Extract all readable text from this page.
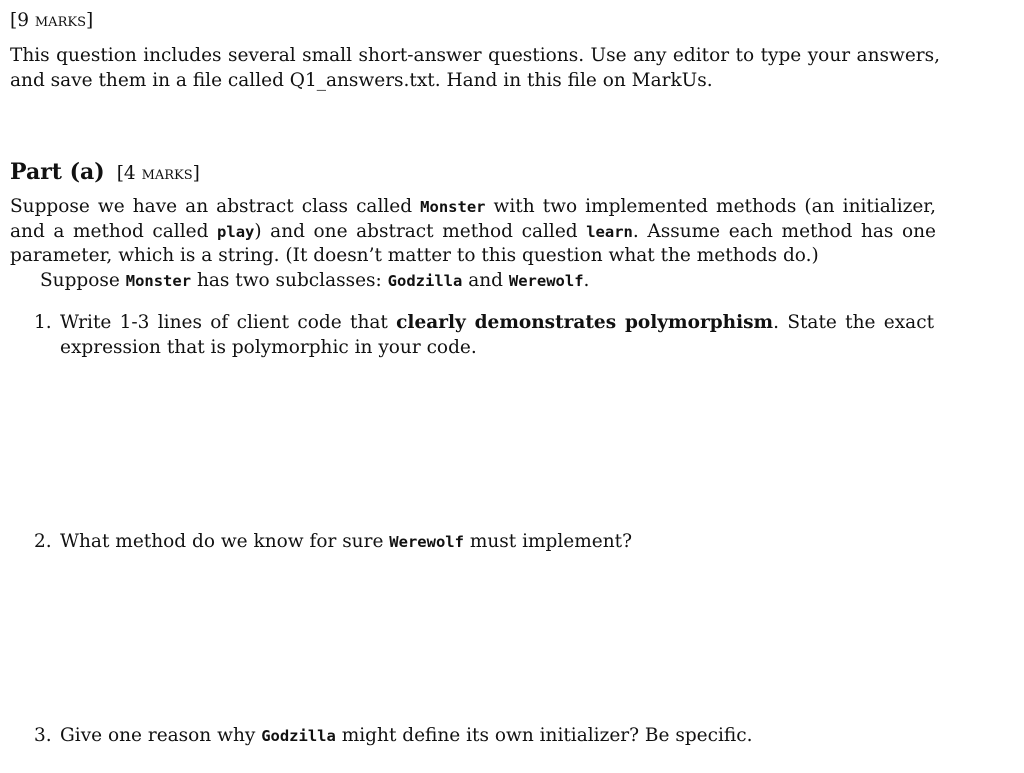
[9 marks]
This question includes several small short-answer questions. Use any editor to type your answers, and save them in a file called Q1_answers.txt. Hand in this file on MarkUs.
Part (a) [4 marks]
Suppose we have an abstract class called Monster with two implemented methods (an initializer, and a method called play) and one abstract method called learn. Assume each method has one parameter, which is a string. (It doesn’t matter to this question what the methods do.)
Suppose Monster has two subclasses: Godzilla and Werewolf.
1. Write 1-3 lines of client code that clearly demonstrates polymorphism. State the exact expression that is polymorphic in your code.
2. What method do we know for sure Werewolf must implement?
3. Give one reason why Godzilla might define its own initializer? Be specific.
